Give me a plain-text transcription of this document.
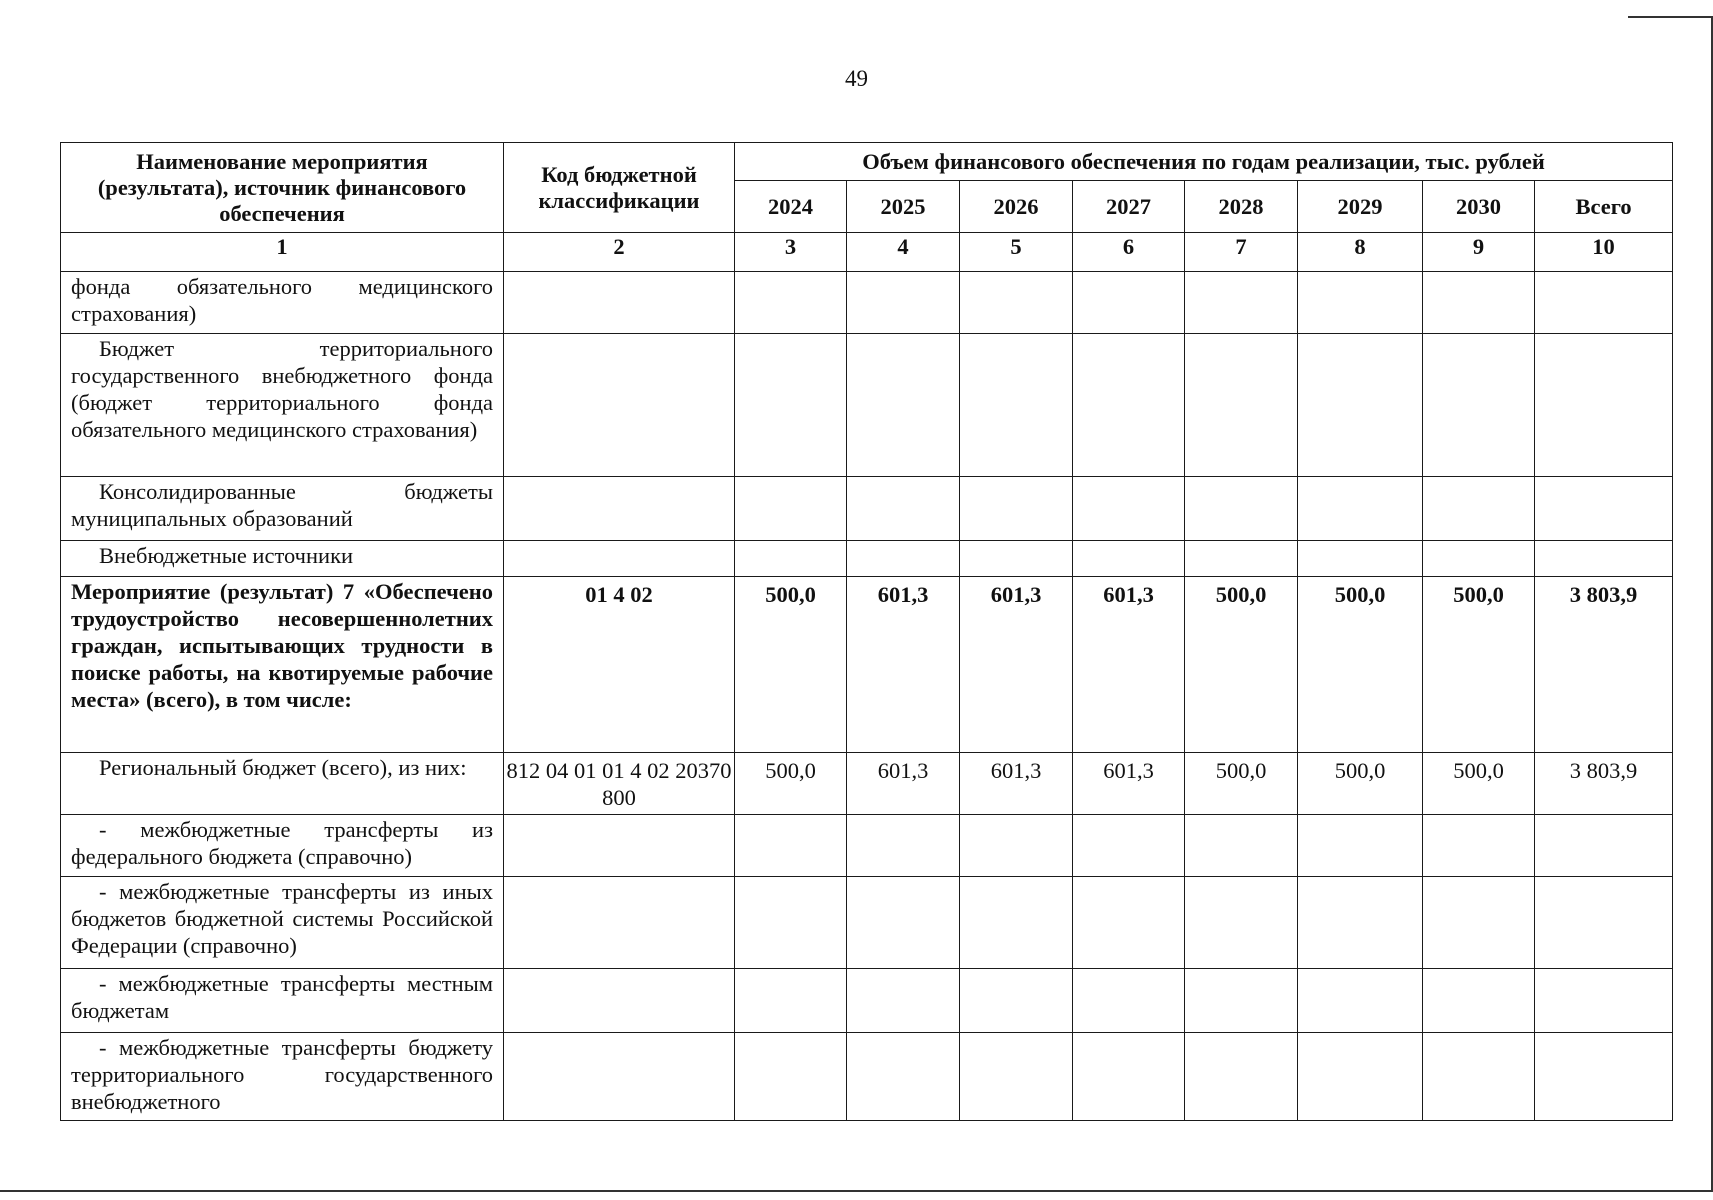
49
Наименование мероприятия (результата), источник финансового обеспечения	Код бюджетной классификации	Объем финансового обеспечения по годам реализации, тыс. рублей							
		2024	2025	2026	2027	2028	2029	2030	Всего
1	2	3	4	5	6	7	8	9	10
фонда обязательного медицинского страхования)									
Бюджет территориального государственного внебюджетного фонда (бюджет территориального фонда обязательного медицинского страхования)									
Консолидированные бюджеты муниципальных образований									
Внебюджетные источники									
Мероприятие (результат) 7 «Обеспечено трудоустройство несовершеннолетних граждан, испытывающих трудности в поиске работы, на квотируемые рабочие места» (всего), в том числе:	01 4 02	500,0	601,3	601,3	601,3	500,0	500,0	500,0	3 803,9
Региональный бюджет (всего), из них:	812 04 01 01 4 02 20370 800	500,0	601,3	601,3	601,3	500,0	500,0	500,0	3 803,9
- межбюджетные трансферты из федерального бюджета (справочно)									
- межбюджетные трансферты из иных бюджетов бюджетной системы Российской Федерации (справочно)									
- межбюджетные трансферты местным бюджетам									
- межбюджетные трансферты бюджету территориального государственного внебюджетного									
